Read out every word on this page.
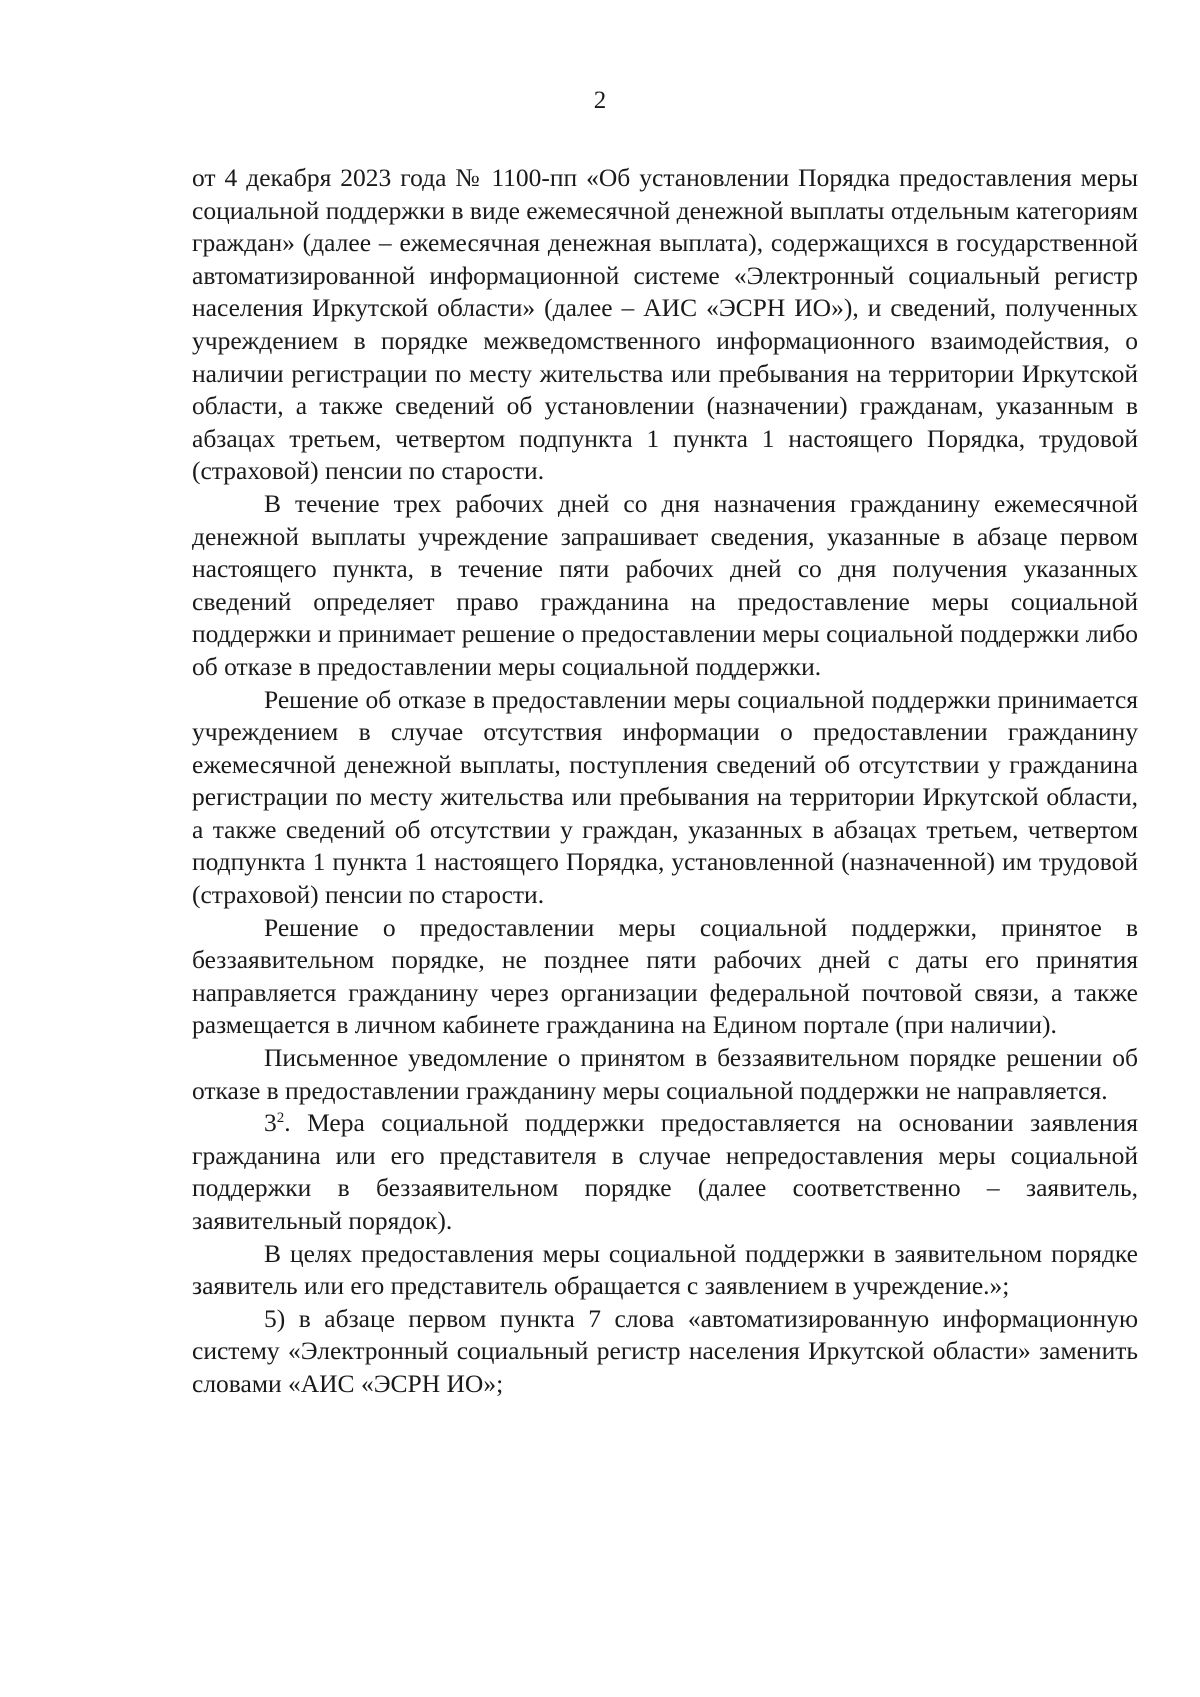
2

от 4 декабря 2023 года № 1100-пп «Об установлении Порядка предоставления меры социальной поддержки в виде ежемесячной денежной выплаты отдельным категориям граждан» (далее – ежемесячная денежная выплата), содержащихся в государственной автоматизированной информационной системе «Электронный социальный регистр населения Иркутской области» (далее – АИС «ЭСРН ИО»), и сведений, полученных учреждением в порядке межведомственного информационного взаимодействия, о наличии регистрации по месту жительства или пребывания на территории Иркутской области, а также сведений об установлении (назначении) гражданам, указанным в абзацах третьем, четвертом подпункта 1 пункта 1 настоящего Порядка, трудовой (страховой) пенсии по старости.

В течение трех рабочих дней со дня назначения гражданину ежемесячной денежной выплаты учреждение запрашивает сведения, указанные в абзаце первом настоящего пункта, в течение пяти рабочих дней со дня получения указанных сведений определяет право гражданина на предоставление меры социальной поддержки и принимает решение о предоставлении меры социальной поддержки либо об отказе в предоставлении меры социальной поддержки.

Решение об отказе в предоставлении меры социальной поддержки принимается учреждением в случае отсутствия информации о предоставлении гражданину ежемесячной денежной выплаты, поступления сведений об отсутствии у гражданина регистрации по месту жительства или пребывания на территории Иркутской области, а также сведений об отсутствии у граждан, указанных в абзацах третьем, четвертом подпункта 1 пункта 1 настоящего Порядка, установленной (назначенной) им трудовой (страховой) пенсии по старости.

Решение о предоставлении меры социальной поддержки, принятое в беззаявительном порядке, не позднее пяти рабочих дней с даты его принятия направляется гражданину через организации федеральной почтовой связи, а также размещается в личном кабинете гражданина на Едином портале (при наличии).

Письменное уведомление о принятом в беззаявительном порядке решении об отказе в предоставлении гражданину меры социальной поддержки не направляется.

$3^2$. Мера социальной поддержки предоставляется на основании заявления гражданина или его представителя в случае непредоставления меры социальной поддержки в беззаявительном порядке (далее соответственно – заявитель, заявительный порядок).

В целях предоставления меры социальной поддержки в заявительном порядке заявитель или его представитель обращается с заявлением в учреждение.»;

5) в абзаце первом пункта 7 слова «автоматизированную информационную систему «Электронный социальный регистр населения Иркутской области» заменить словами «АИС «ЭСРН ИО»;
